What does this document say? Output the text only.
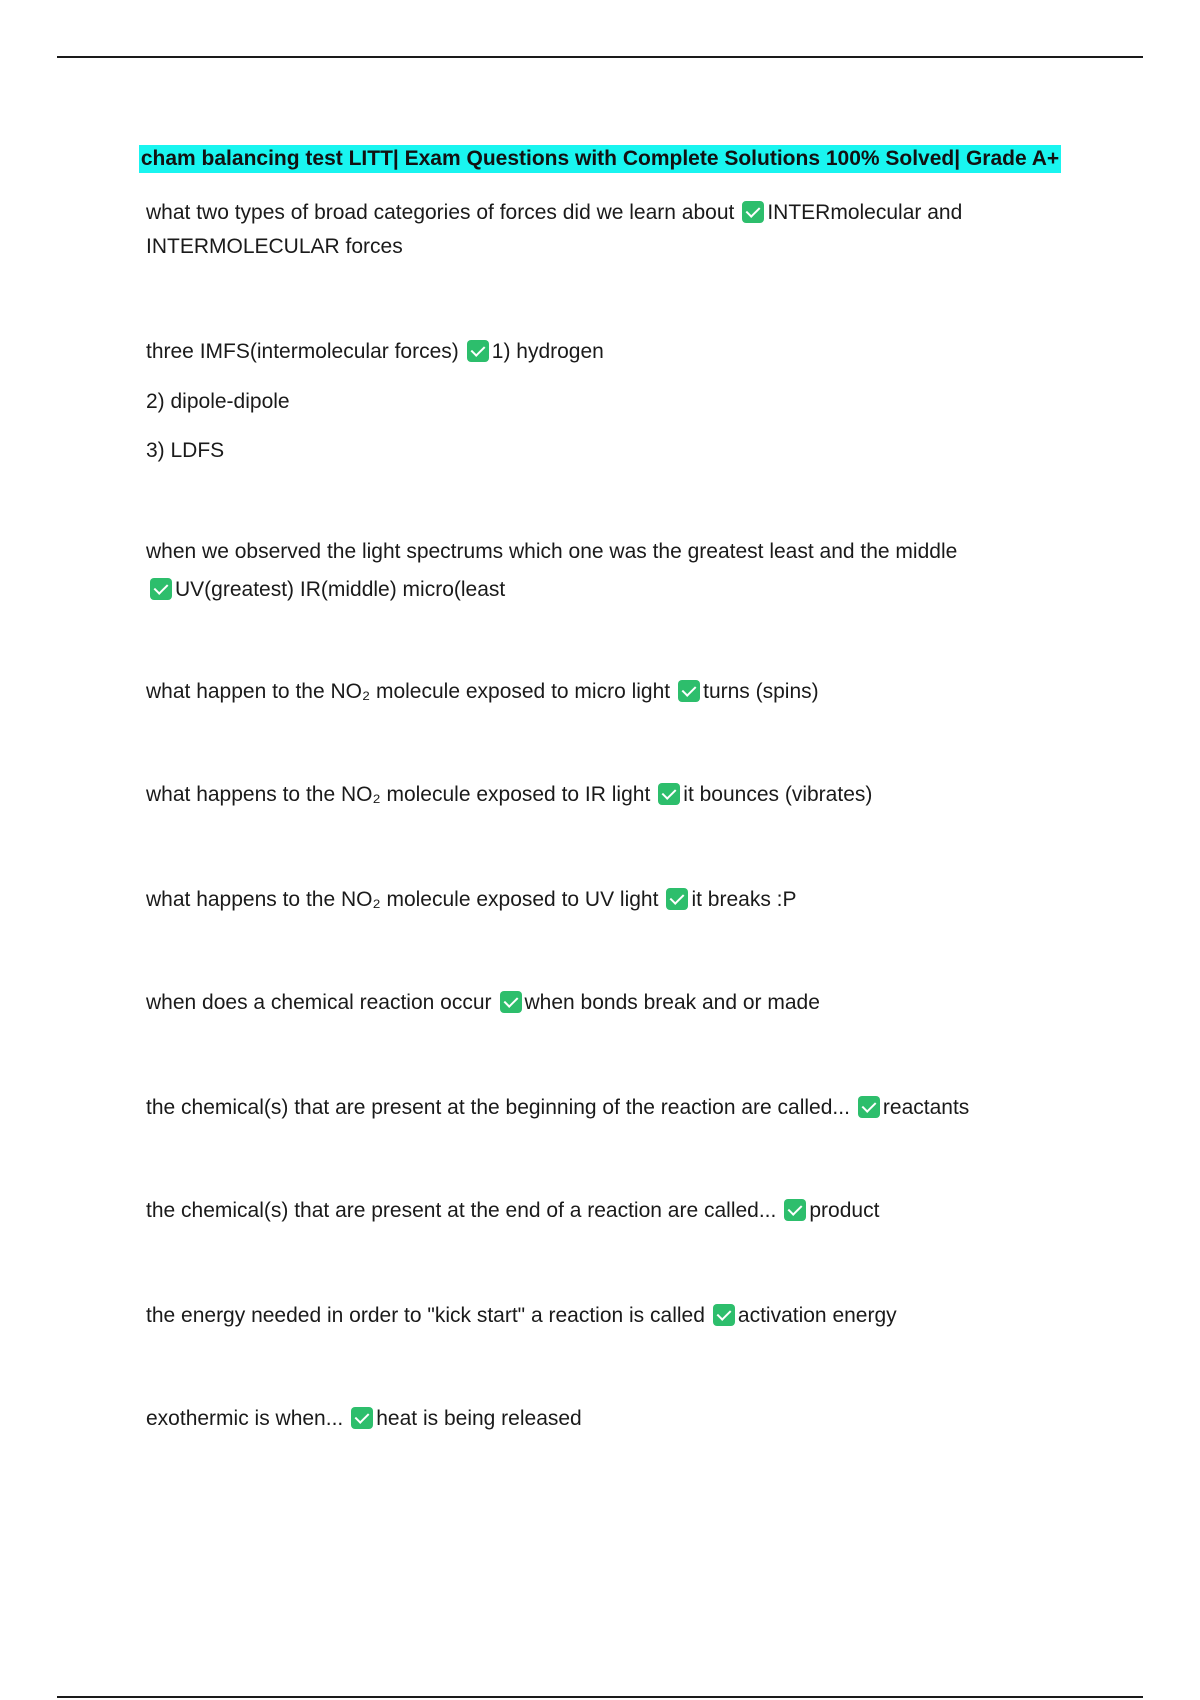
cham balancing test LITT| Exam Questions with Complete Solutions 100% Solved| Grade A+
what two types of broad categories of forces did we learn about INTERmolecular and
INTERMOLECULAR forces
three IMFS(intermolecular forces) 1) hydrogen
2) dipole-dipole
3) LDFS
when we observed the light spectrums which one was the greatest least and the middle
UV(greatest) IR(middle) micro(least
what happen to the NO₂ molecule exposed to micro light turns (spins)
what happens to the NO₂ molecule exposed to IR light it bounces (vibrates)
what happens to the NO₂ molecule exposed to UV light it breaks :P
when does a chemical reaction occur when bonds break and or made
the chemical(s) that are present at the beginning of the reaction are called... reactants
the chemical(s) that are present at the end of a reaction are called... product
the energy needed in order to "kick start" a reaction is called activation energy
exothermic is when... heat is being released
